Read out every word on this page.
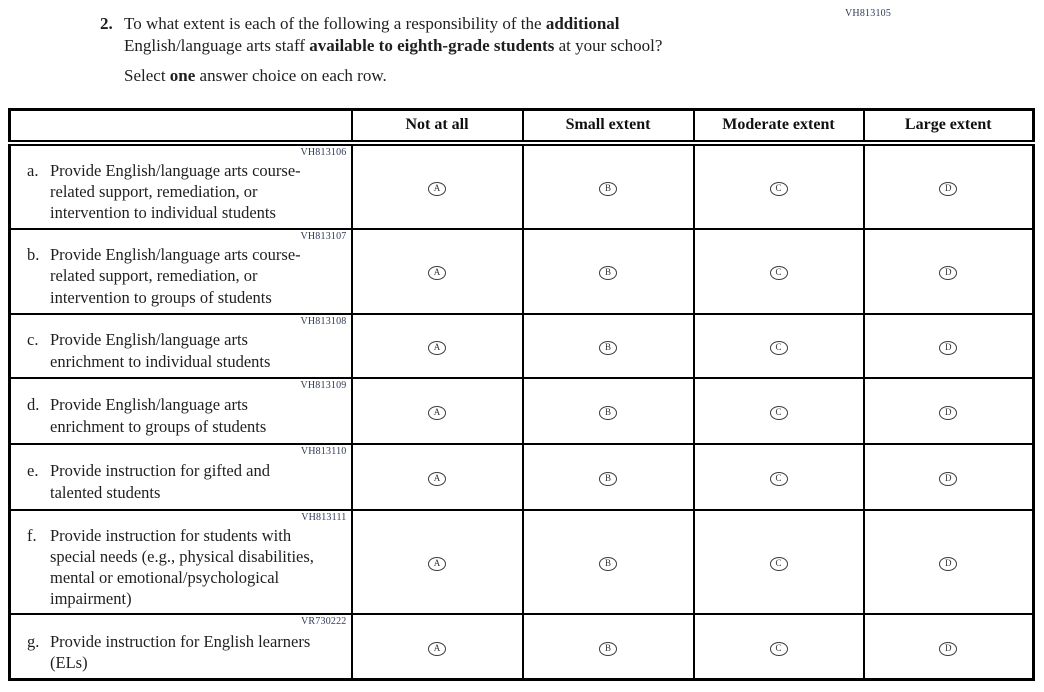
VH813105
2. To what extent is each of the following a responsibility of the additional English/language arts staff available to eighth-grade students at your school?
Select one answer choice on each row.
	Not at all	Small extent	Moderate extent	Large extent

VH813106
a. Provide English/language arts course-related support, remediation, or intervention to individual students	A	B	C	D

VH813107
b. Provide English/language arts course-related support, remediation, or intervention to groups of students	A	B	C	D

VH813108
c. Provide English/language arts enrichment to individual students	A	B	C	D

VH813109
d. Provide English/language arts enrichment to groups of students	A	B	C	D

VH813110
e. Provide instruction for gifted and talented students	A	B	C	D

VH813111
f. Provide instruction for students with special needs (e.g., physical disabilities, mental or emotional/psychological impairment)	A	B	C	D

VR730222
g. Provide instruction for English learners (ELs)	A	B	C	D
